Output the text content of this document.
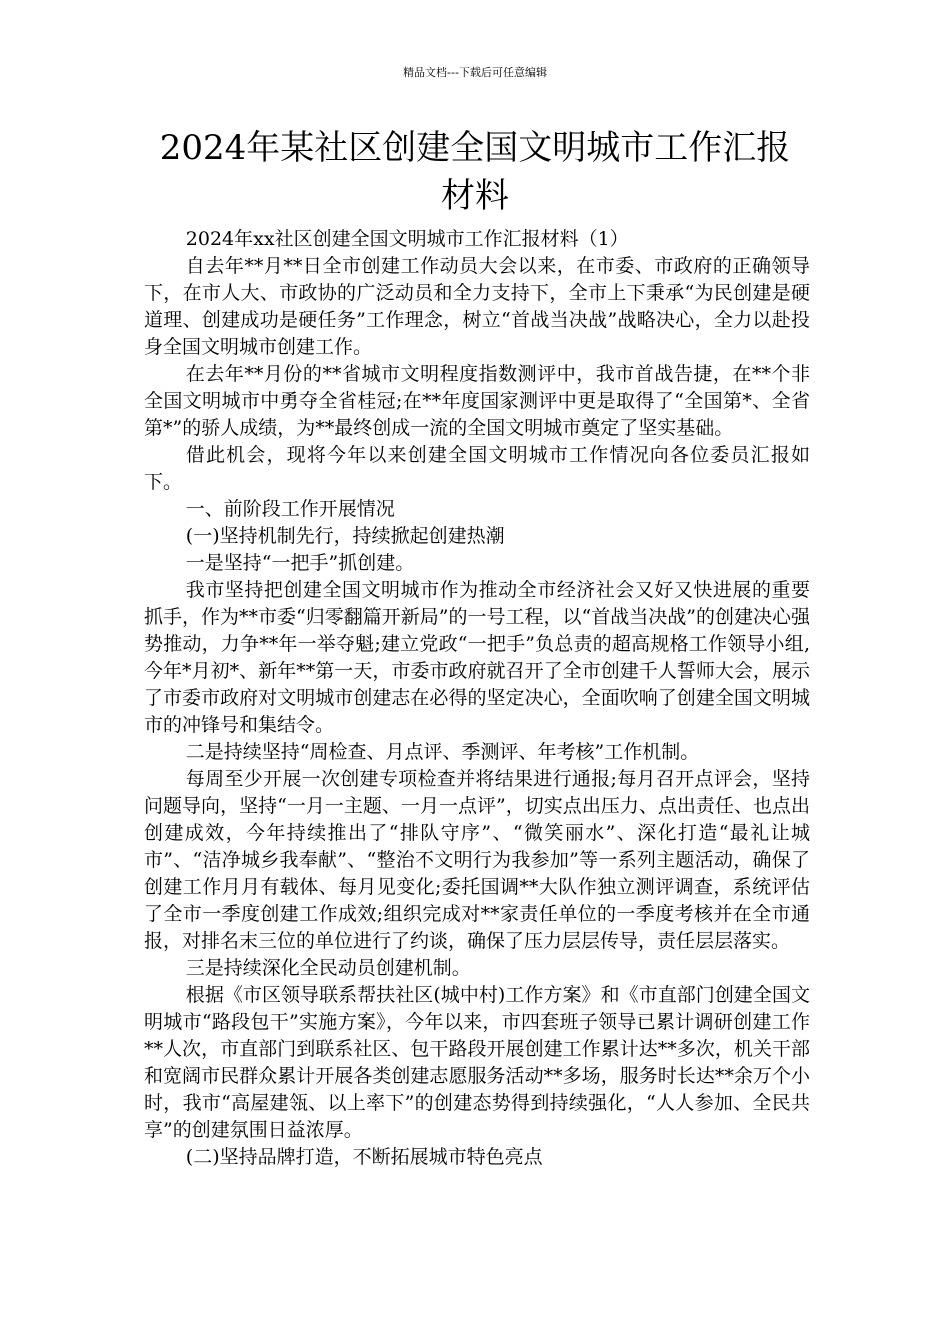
精品文档---下载后可任意编辑
2024年某社区创建全国文明城市工作汇报
材料

2024年xx社区创建全国文明城市工作汇报材料（1）

自去年**月**日全市创建工作动员大会以来，在市委、市政府的正确领导下，在市人大、市政协的广泛动员和全力支持下，全市上下秉承“为民创建是硬道理、创建成功是硬任务”工作理念，树立“首战当决战”战略决心，全力以赴投身全国文明城市创建工作。

在去年**月份的**省城市文明程度指数测评中，我市首战告捷，在**个非全国文明城市中勇夺全省桂冠;在**年度国家测评中更是取得了“全国第*、全省第*”的骄人成绩，为**最终创成一流的全国文明城市奠定了坚实基础。

借此机会，现将今年以来创建全国文明城市工作情况向各位委员汇报如下。

一、前阶段工作开展情况

(一)坚持机制先行，持续掀起创建热潮

一是坚持“一把手”抓创建。

我市坚持把创建全国文明城市作为推动全市经济社会又好又快进展的重要抓手，作为**市委“归零翻篇开新局”的一号工程，以“首战当决战”的创建决心强势推动，力争**年一举夺魁;建立党政“一把手”负总责的超高规格工作领导小组,今年*月初*、新年**第一天，市委市政府就召开了全市创建千人誓师大会，展示了市委市政府对文明城市创建志在必得的坚定决心，全面吹响了创建全国文明城市的冲锋号和集结令。

二是持续坚持“周检查、月点评、季测评、年考核”工作机制。

每周至少开展一次创建专项检查并将结果进行通报;每月召开点评会，坚持问题导向，坚持“一月一主题、一月一点评”，切实点出压力、点出责任、也点出创建成效，今年持续推出了“排队守序”、“微笑丽水”、深化打造“最礼让城市”、“洁净城乡我奉献”、“整治不文明行为我参加”等一系列主题活动，确保了创建工作月月有载体、每月见变化;委托国调**大队作独立测评调查，系统评估了全市一季度创建工作成效;组织完成对**家责任单位的一季度考核并在全市通报，对排名末三位的单位进行了约谈，确保了压力层层传导，责任层层落实。

三是持续深化全民动员创建机制。

根据《市区领导联系帮扶社区(城中村)工作方案》和《市直部门创建全国文明城市“路段包干”实施方案》，今年以来，市四套班子领导已累计调研创建工作**人次，市直部门到联系社区、包干路段开展创建工作累计达**多次，机关干部和宽阔市民群众累计开展各类创建志愿服务活动**多场，服务时长达**余万个小时，我市“高屋建瓴、以上率下”的创建态势得到持续强化，“人人参加、全民共享”的创建氛围日益浓厚。

(二)坚持品牌打造，不断拓展城市特色亮点
